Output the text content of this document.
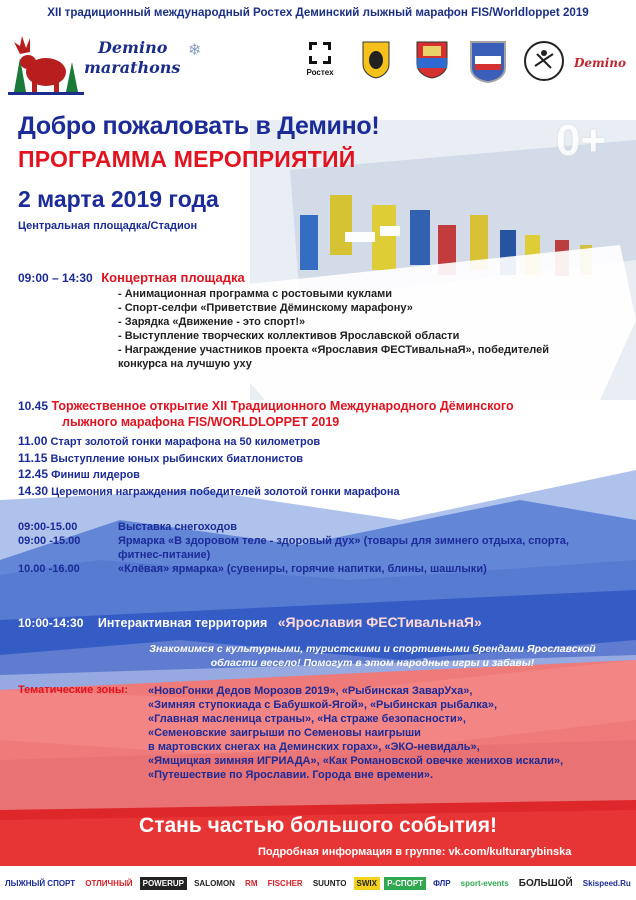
XII традиционный международный Ростех Деминский лыжный марафон FIS/Worldloppet 2019
Demino
marathons
❄
Ростех
Demino
Добро пожаловать в Демино!
ПРОГРАММА МЕРОПРИЯТИЙ
2 марта 2019 года
Центральная площадка/Стадион
0+
09:00 – 14:30 Концертная площадка
- Анимационная программа с ростовыми куклами
- Спорт-селфи «Приветствие Дёминскому марафону»
- Зарядка «Движение - это спорт!»
- Выступление творческих коллективов Ярославской области
- Награждение участников проекта «Ярославия ФЕСТивальнаЯ», победителей
конкурса на лучшую уху
10.45 Торжественное открытие XII Традиционного Международного Дёминского
лыжного марафона FIS/WORLDLOPPET 2019
11.00 Старт золотой гонки марафона на 50 километров
11.15 Выступление юных рыбинских биатлонистов
12.45 Финиш лидеров
14.30 Церемония награждения победителей золотой гонки марафона
09:00-15.00	Выставка снегоходов
09:00 -15.00	Ярмарка «В здоровом теле - здоровый дух» (товары для зимнего отдыха, спорта,
фитнес-питание)
10.00 -16.00	«Клёвая» ярмарка» (сувениры, горячие напитки, блины, шашлыки)
10:00-14:30 Интерактивная территория «Ярославия ФЕСТивальнаЯ»
Знакомимся с культурными, туристскими и спортивными брендами Ярославской
области весело! Помогут в этом народные игры и забавы!
Тематические зоны: «НовоГонки Дедов Морозов 2019», «Рыбинская ЗаварУха»,
«Зимняя ступокиада с Бабушкой-Ягой», «Рыбинская рыбалка»,
«Главная масленица страны», «На страже безопасности»,
«Семеновские заигрыши по Семеновы наигрыши
в мартовских снегах на Деминских горах», «ЭКО-невидаль»,
«Ямщицкая зимняя ИГРИАДА», «Как Романовской овечке женихов искали»,
«Путешествие по Ярославии. Города вне времени».
Стань частью большого события!
Подробная информация в группе: vk.com/kulturarybinska
ЛЫЖНЫЙ СПОРТ	ОТЛИЧНЫЙ	POWERUP	SALOMON	RM	FISCHER	SUUNTO	SWIX	Р-СПОРТ	ФЛР	sport-events	БОЛЬШОЙ	Skispeed.Ru
